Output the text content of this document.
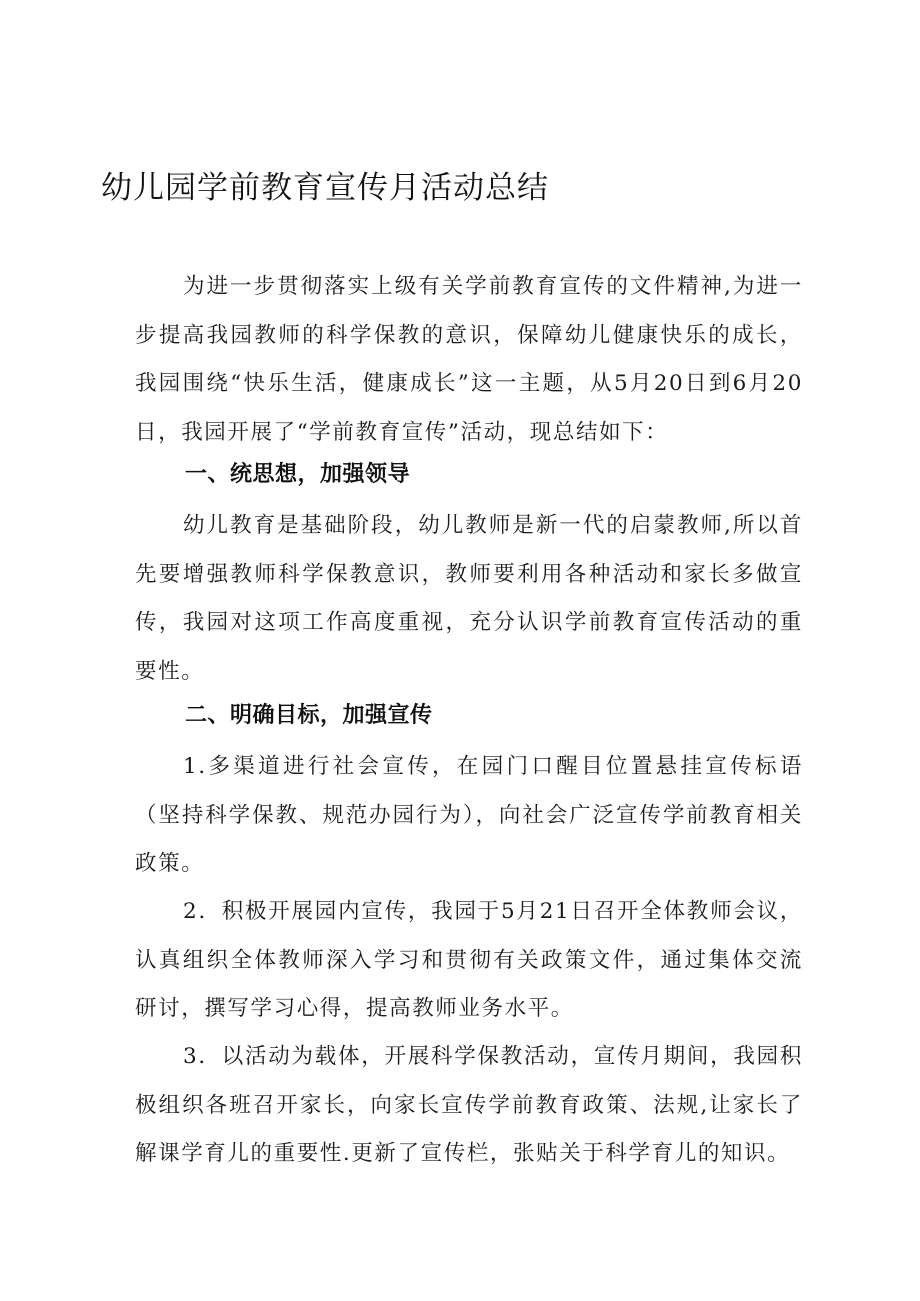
幼儿园学前教育宣传月活动总结

为进一步贯彻落实上级有关学前教育宣传的文件精神,为进一步提高我园教师的科学保教的意识，保障幼儿健康快乐的成长，我园围绕“快乐生活，健康成长”这一主题，从5月20日到6月20日，我园开展了“学前教育宣传”活动，现总结如下：

一、统思想，加强领导

幼儿教育是基础阶段，幼儿教师是新一代的启蒙教师,所以首先要增强教师科学保教意识，教师要利用各种活动和家长多做宣传，我园对这项工作高度重视，充分认识学前教育宣传活动的重要性。

二、明确目标，加强宣传

1.多渠道进行社会宣传，在园门口醒目位置悬挂宣传标语（坚持科学保教、规范办园行为），向社会广泛宣传学前教育相关政策。

2．积极开展园内宣传，我园于5月21日召开全体教师会议，认真组织全体教师深入学习和贯彻有关政策文件，通过集体交流研讨，撰写学习心得，提高教师业务水平。

3．以活动为载体，开展科学保教活动，宣传月期间，我园积极组织各班召开家长，向家长宣传学前教育政策、法规,让家长了解课学育儿的重要性.更新了宣传栏，张贴关于科学育儿的知识。
